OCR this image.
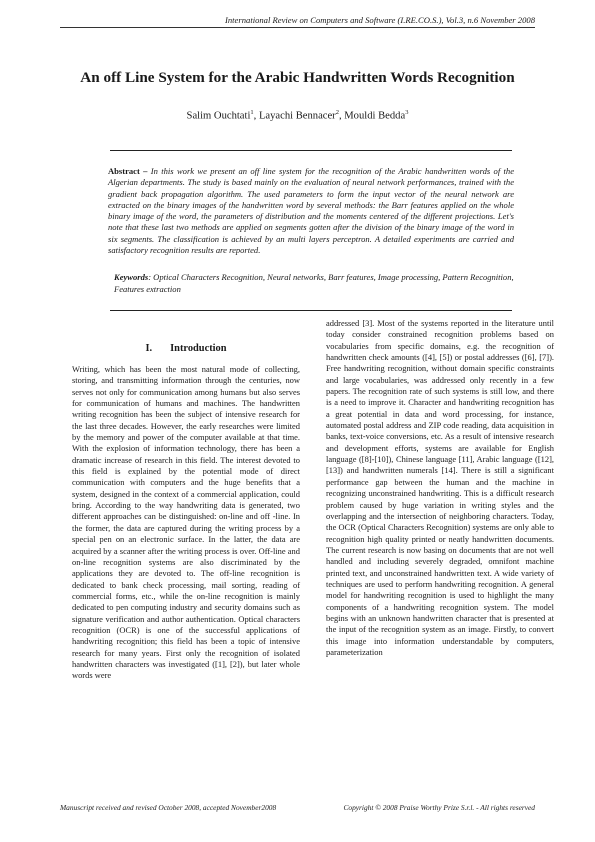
International Review on Computers and Software (I.RE.CO.S.), Vol.3, n.6 November 2008
An off Line System for the Arabic Handwritten Words Recognition
Salim Ouchtati$^1$, Layachi Bennacer$^2$, Mouldi Bedda$^3$
Abstract – In this work we present an off line system for the recognition of the Arabic handwritten words of the Algerian departments. The study is based mainly on the evaluation of neural network performances, trained with the gradient back propagation algorithm. The used parameters to form the input vector of the neural network are extracted on the binary images of the handwritten word by several methods: the Barr features applied on the whole binary image of the word, the parameters of distribution and the moments centered of the different projections. Let's note that these last two methods are applied on segments gotten after the division of the binary image of the word in six segments. The classification is achieved by an multi layers perceptron. A detailed experiments are carried and satisfactory recognition results are reported.
Keywords: Optical Characters Recognition, Neural networks, Barr features, Image processing, Pattern Recognition, Features extraction
I. Introduction
Writing, which has been the most natural mode of collecting, storing, and transmitting information through the centuries, now serves not only for communication among humans but also serves for communication of humans and machines. The handwritten writing recognition has been the subject of intensive research for the last three decades. However, the early researches were limited by the memory and power of the computer available at that time. With the explosion of information technology, there has been a dramatic increase of research in this field. The interest devoted to this field is explained by the potential mode of direct communication with computers and the huge benefits that a system, designed in the context of a commercial application, could bring. According to the way handwriting data is generated, two different approaches can be distinguished: on-line and off -line. In the former, the data are captured during the writing process by a special pen on an electronic surface. In the latter, the data are acquired by a scanner after the writing process is over. Off-line and on-line recognition systems are also discriminated by the applications they are devoted to. The off-line recognition is dedicated to bank check processing, mail sorting, reading of commercial forms, etc., while the on-line recognition is mainly dedicated to pen computing industry and security domains such as signature verification and author authentication. Optical characters recognition (OCR) is one of the successful applications of handwriting recognition; this field has been a topic of intensive research for many years. First only the recognition of isolated handwritten characters was investigated ([1], [2]), but later whole words were
addressed [3]. Most of the systems reported in the literature until today consider constrained recognition problems based on vocabularies from specific domains, e.g. the recognition of handwritten check amounts ([4], [5]) or postal addresses ([6], [7]). Free handwriting recognition, without domain specific constraints and large vocabularies, was addressed only recently in a few papers. The recognition rate of such systems is still low, and there is a need to improve it. Character and handwriting recognition has a great potential in data and word processing, for instance, automated postal address and ZIP code reading, data acquisition in banks, text-voice conversions, etc. As a result of intensive research and development efforts, systems are available for English language ([8]-[10]), Chinese language [11], Arabic language ([12], [13]) and handwritten numerals [14]. There is still a significant performance gap between the human and the machine in recognizing unconstrained handwriting. This is a difficult research problem caused by huge variation in writing styles and the overlapping and the intersection of neighboring characters. Today, the OCR (Optical Characters Recognition) systems are only able to recognition high quality printed or neatly handwritten documents. The current research is now basing on documents that are not well handled and including severely degraded, omnifont machine printed text, and unconstrained handwritten text. A wide variety of techniques are used to perform handwriting recognition. A general model for handwriting recognition is used to highlight the many components of a handwriting recognition system. The model begins with an unknown handwritten character that is presented at the input of the recognition system as an image. Firstly, to convert this image into information understandable by computers, parameterization
Manuscript received and revised October 2008, accepted November2008	Copyright © 2008 Praise Worthy Prize S.r.l. - All rights reserved
